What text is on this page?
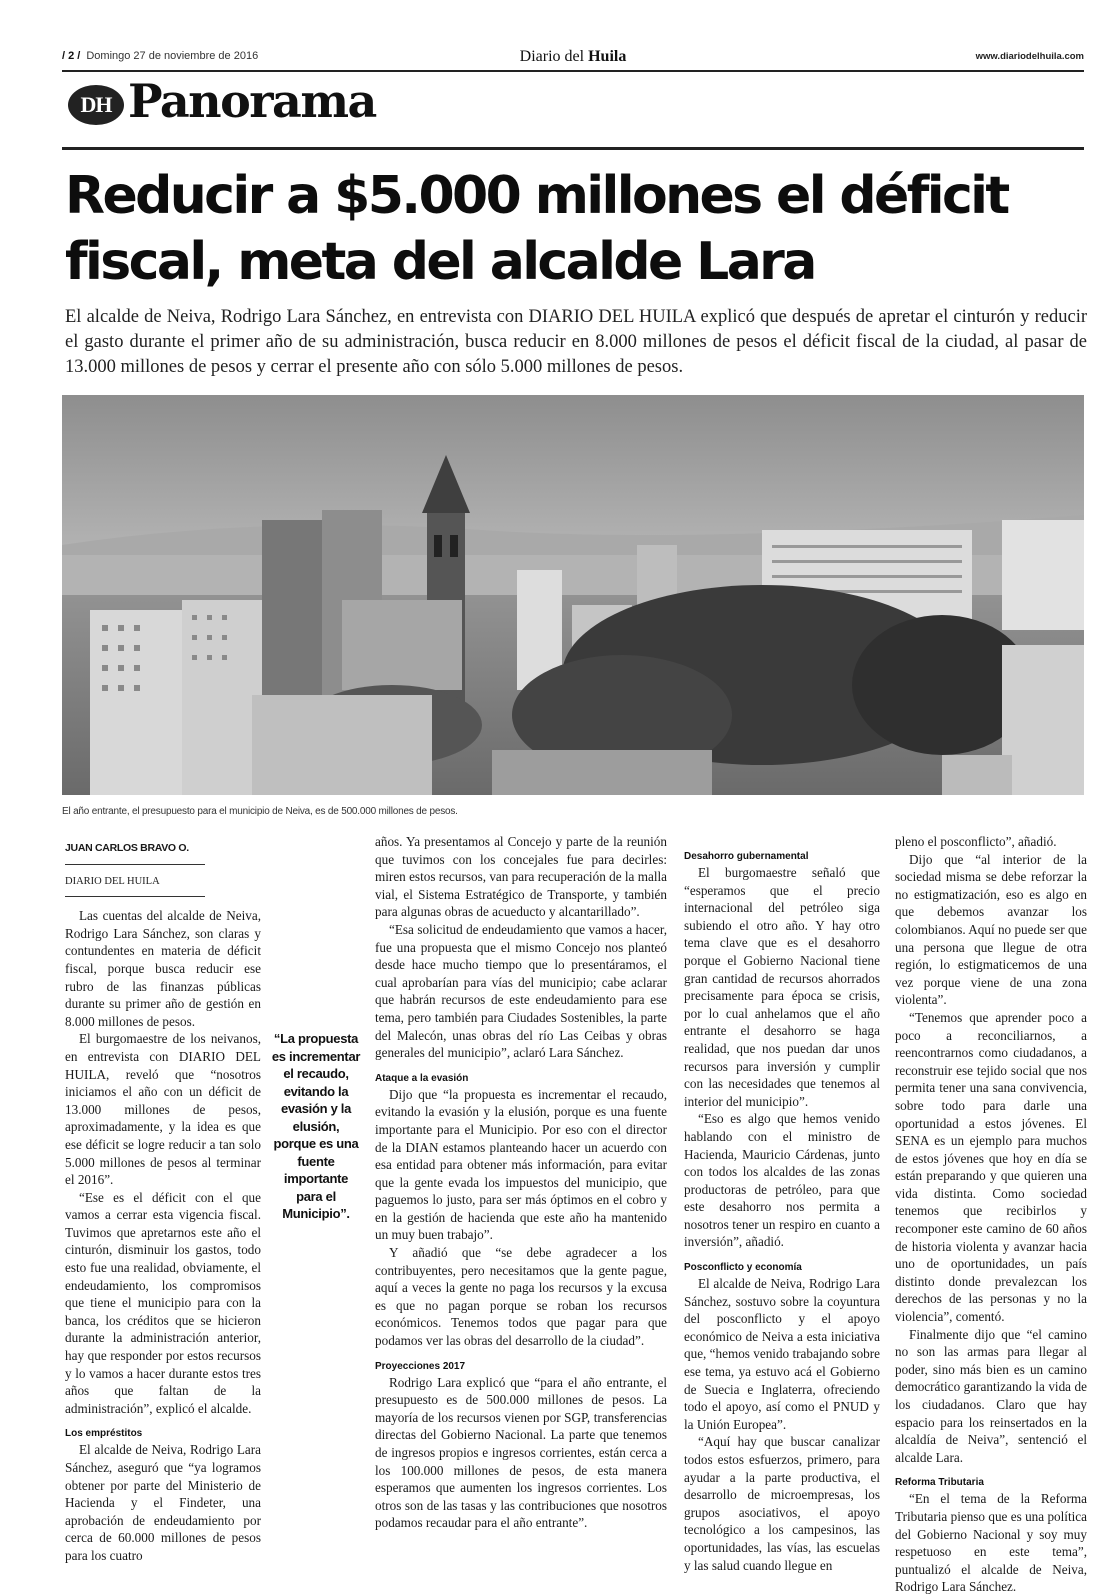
/ 2 / Domingo 27 de noviembre de 2016	Diario del Huila	www.diariodelhuila.com
DH Panorama
Reducir a $5.000 millones el déficit
fiscal, meta del alcalde Lara

El alcalde de Neiva, Rodrigo Lara Sánchez, en entrevista con DIARIO DEL HUILA explicó que después de apretar el cinturón y reducir el gasto durante el primer año de su administración, busca reducir en 8.000 millones de pesos el déficit fiscal de la ciudad, al pasar de 13.000 millones de pesos y cerrar el presente año con sólo 5.000 millones de pesos.

El año entrante, el presupuesto para el municipio de Neiva, es de 500.000 millones de pesos.
JUAN CARLOS BRAVO O.
DIARIO DEL HUILA

Las cuentas del alcalde de Neiva, Rodrigo Lara Sánchez, son claras y contundentes en materia de déficit fiscal, porque busca reducir ese rubro de las finanzas públicas durante su primer año de gestión en 8.000 millones de pesos.

El burgomaestre de los neivanos, en entrevista con DIARIO DEL HUILA, reveló que “nosotros iniciamos el año con un déficit de 13.000 millones de pesos, aproximadamente, y la idea es que ese déficit se logre reducir a tan solo 5.000 millones de pesos al terminar el 2016”.

“Ese es el déficit con el que vamos a cerrar esta vigencia fiscal. Tuvimos que apretarnos este año el cinturón, disminuir los gastos, todo esto fue una realidad, obviamente, el endeudamiento, los compromisos que tiene el municipio para con la banca, los créditos que se hicieron durante la administración anterior, hay que responder por estos recursos y lo vamos a hacer durante estos tres años que faltan de la administración”, explicó el alcalde.

Los empréstitos

El alcalde de Neiva, Rodrigo Lara Sánchez, aseguró que “ya logramos obtener por parte del Ministerio de Hacienda y el Findeter, una aprobación de endeudamiento por cerca de 60.000 millones de pesos para los cuatro

“La propuesta es incrementar el recaudo, evitando la evasión y la elusión, porque es una fuente importante para el Municipio”.

años. Ya presentamos al Concejo y parte de la reunión que tuvimos con los concejales fue para decirles: miren estos recursos, van para recuperación de la malla vial, el Sistema Estratégico de Transporte, y también para algunas obras de acueducto y alcantarillado”.

“Esa solicitud de endeudamiento que vamos a hacer, fue una propuesta que el mismo Concejo nos planteó desde hace mucho tiempo que lo presentáramos, el cual aprobarían para vías del municipio; cabe aclarar que habrán recursos de este endeudamiento para ese tema, pero también para Ciudades Sostenibles, la parte del Malecón, unas obras del río Las Ceibas y obras generales del municipio”, aclaró Lara Sánchez.

Ataque a la evasión

Dijo que “la propuesta es incrementar el recaudo, evitando la evasión y la elusión, porque es una fuente importante para el Municipio. Por eso con el director de la DIAN estamos planteando hacer un acuerdo con esa entidad para obtener más información, para evitar que la gente evada los impuestos del municipio, que paguemos lo justo, para ser más óptimos en el cobro y en la gestión de hacienda que este año ha mantenido un muy buen trabajo”.

Y añadió que “se debe agradecer a los contribuyentes, pero necesitamos que la gente pague, aquí a veces la gente no paga los recursos y la excusa es que no pagan porque se roban los recursos económicos. Tenemos todos que pagar para que podamos ver las obras del desarrollo de la ciudad”.

Proyecciones 2017

Rodrigo Lara explicó que “para el año entrante, el presupuesto es de 500.000 millones de pesos. La mayoría de los recursos vienen por SGP, transferencias directas del Gobierno Nacional. La parte que tenemos de ingresos propios e ingresos corrientes, están cerca a los 100.000 millones de pesos, de esta manera esperamos que aumenten los ingresos corrientes. Los otros son de las tasas y las contribuciones que nosotros podamos recaudar para el año entrante”.

Desahorro gubernamental

El burgomaestre señaló que “esperamos que el precio internacional del petróleo siga subiendo el otro año. Y hay otro tema clave que es el desahorro porque el Gobierno Nacional tiene gran cantidad de recursos ahorrados precisamente para época se crisis, por lo cual anhelamos que el año entrante el desahorro se haga realidad, que nos puedan dar unos recursos para inversión y cumplir con las necesidades que tenemos al interior del municipio”.

“Eso es algo que hemos venido hablando con el ministro de Hacienda, Mauricio Cárdenas, junto con todos los alcaldes de las zonas productoras de petróleo, para que este desahorro nos permita a nosotros tener un respiro en cuanto a inversión”, añadió.

Posconflicto y economía

El alcalde de Neiva, Rodrigo Lara Sánchez, sostuvo sobre la coyuntura del posconflicto y el apoyo económico de Neiva a esta iniciativa que, “hemos venido trabajando sobre ese tema, ya estuvo acá el Gobierno de Suecia e Inglaterra, ofreciendo todo el apoyo, así como el PNUD y la Unión Europea”.

“Aquí hay que buscar canalizar todos estos esfuerzos, primero, para ayudar a la parte productiva, el desarrollo de microempresas, los grupos asociativos, el apoyo tecnológico a los campesinos, las oportunidades, las vías, las escuelas y las salud cuando llegue en

pleno el posconflicto”, añadió.

Dijo que “al interior de la sociedad misma se debe reforzar la no estigmatización, eso es algo en que debemos avanzar los colombianos. Aquí no puede ser que una persona que llegue de otra región, lo estigmaticemos de una vez porque viene de una zona violenta”.

“Tenemos que aprender poco a poco a reconciliarnos, a reencontrarnos como ciudadanos, a reconstruir ese tejido social que nos permita tener una sana convivencia, sobre todo para darle una oportunidad a estos jóvenes. El SENA es un ejemplo para muchos de estos jóvenes que hoy en día se están preparando y que quieren una vida distinta. Como sociedad tenemos que recibirlos y recomponer este camino de 60 años de historia violenta y avanzar hacia uno de oportunidades, un país distinto donde prevalezcan los derechos de las personas y no la violencia”, comentó.

Finalmente dijo que “el camino no son las armas para llegar al poder, sino más bien es un camino democrático garantizando la vida de los ciudadanos. Claro que hay espacio para los reinsertados en la alcaldía de Neiva”, sentenció el alcalde Lara.

Reforma Tributaria

“En el tema de la Reforma Tributaria pienso que es una política del Gobierno Nacional y soy muy respetuoso en este tema”, puntualizó el alcalde de Neiva, Rodrigo Lara Sánchez.
